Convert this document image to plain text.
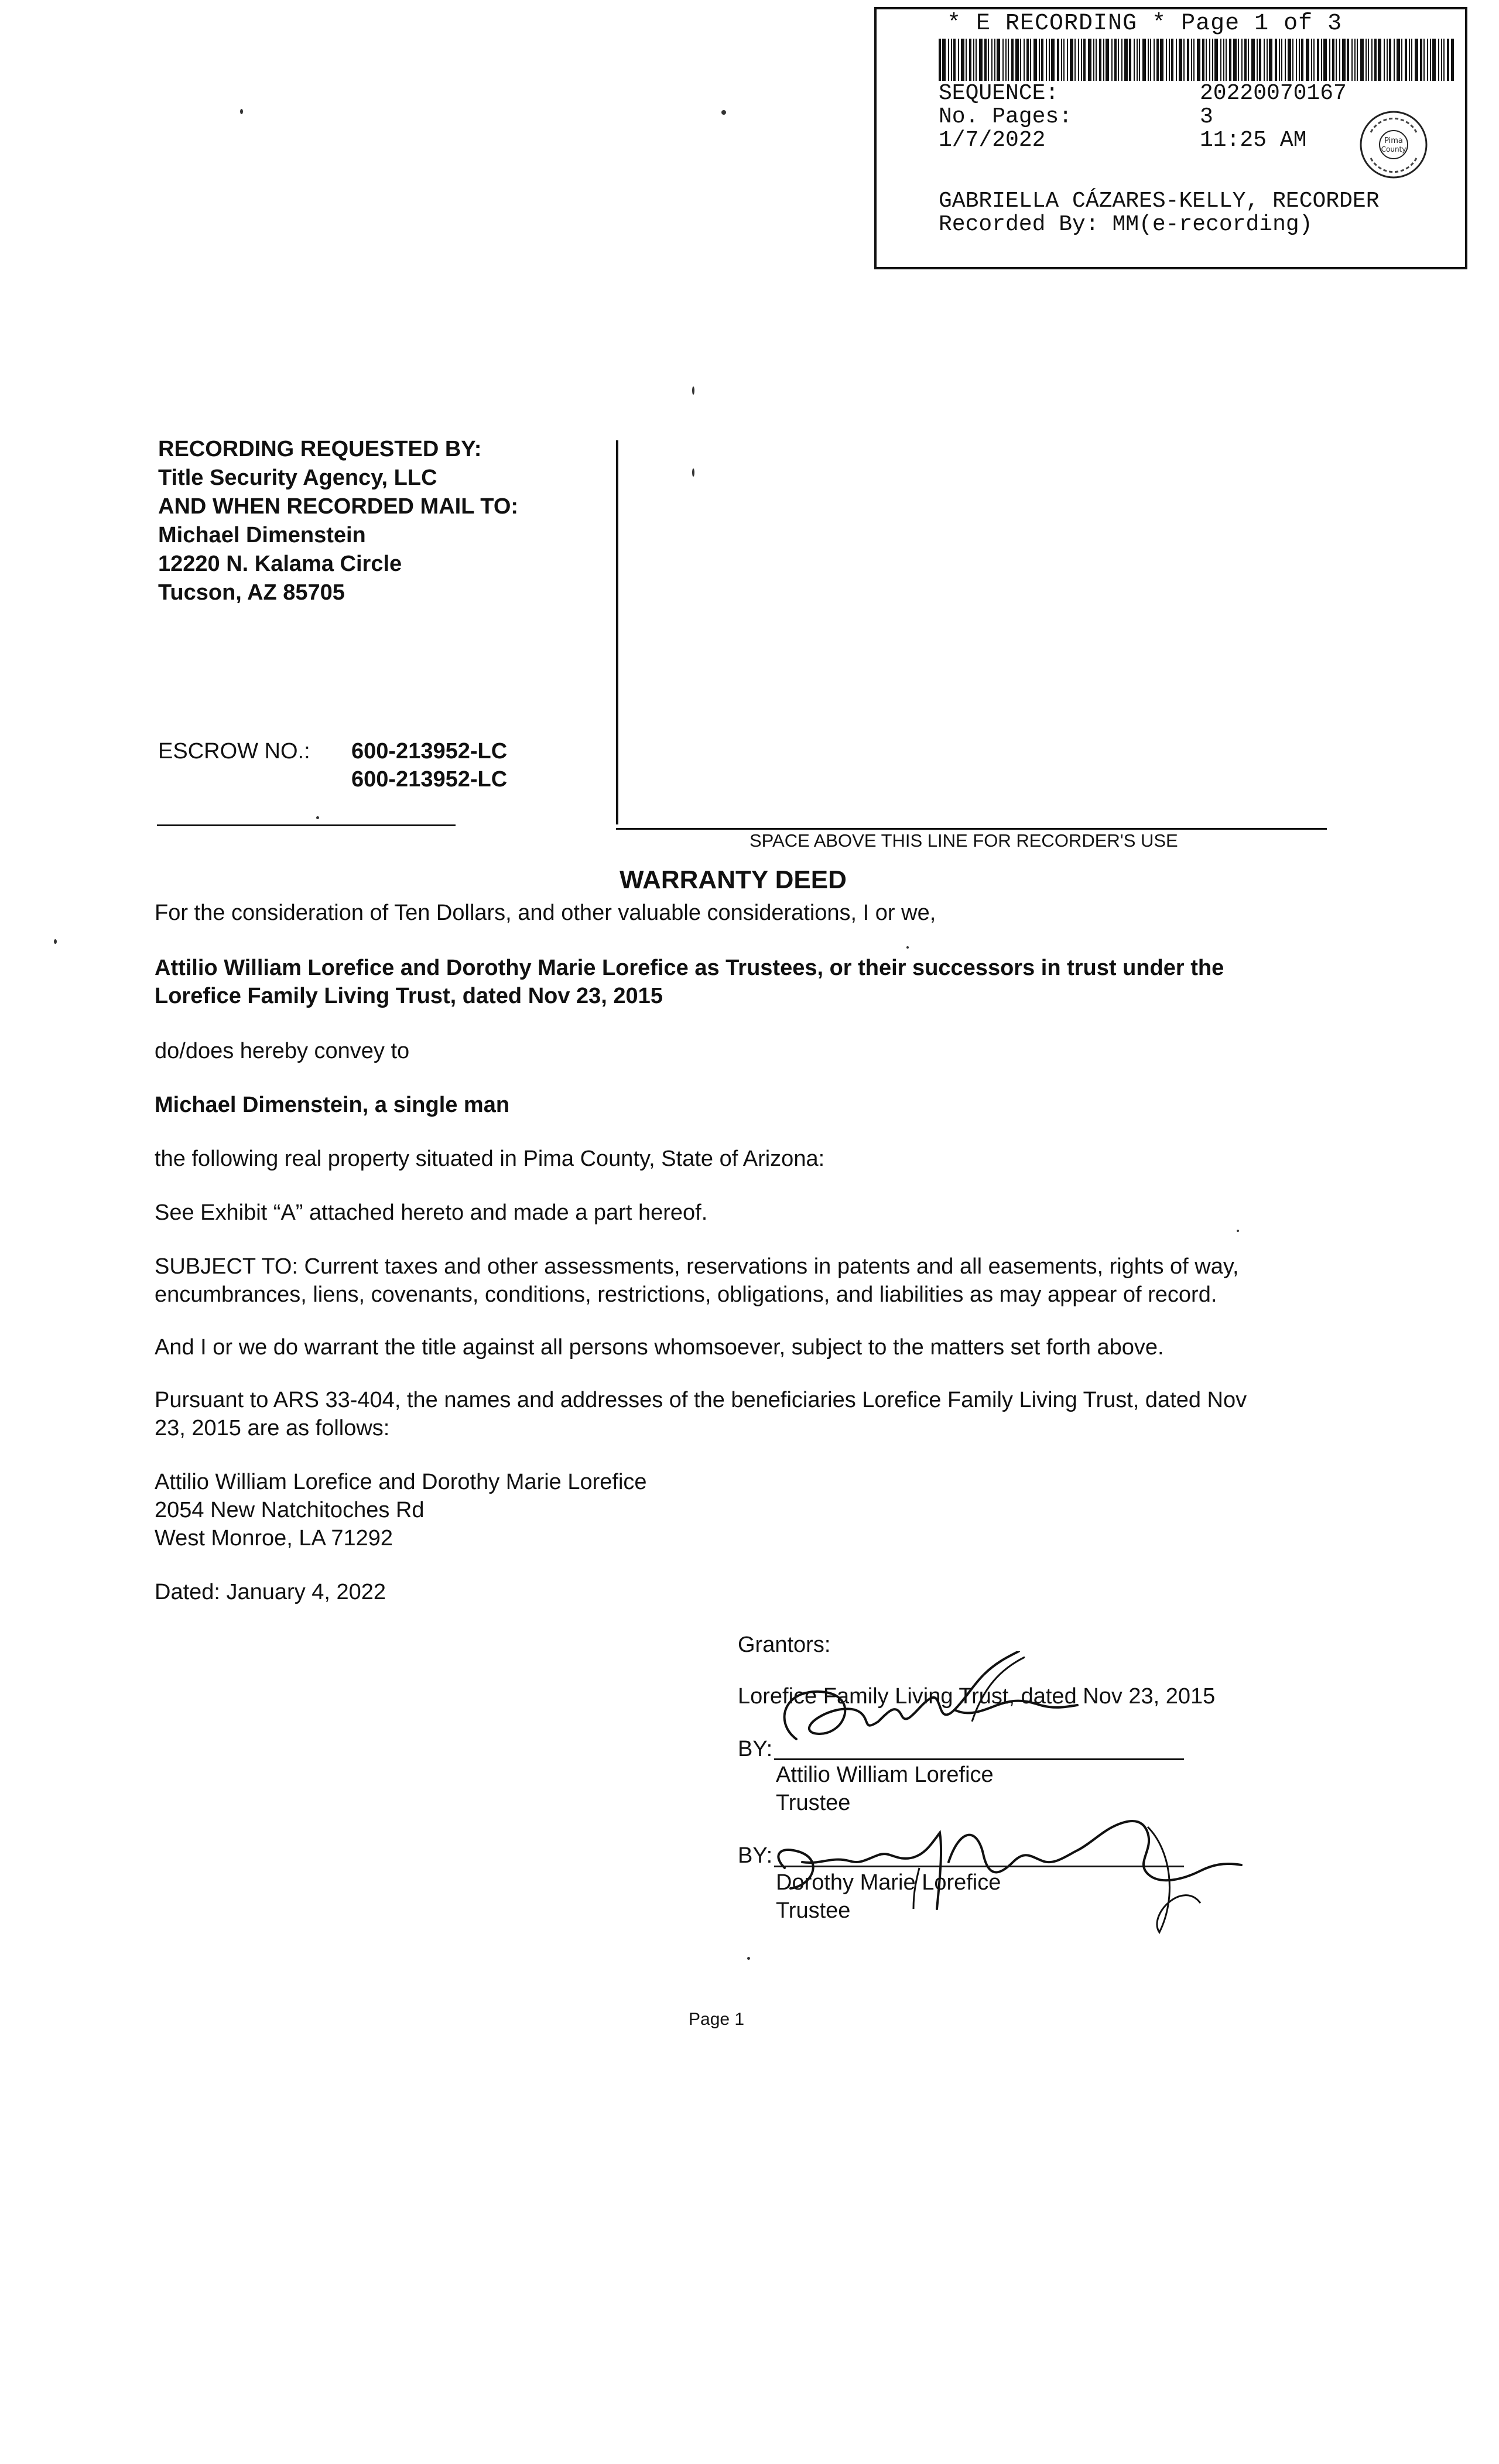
* E RECORDING * Page 1 of 3
SEQUENCE:	20220070167
No. Pages:	3
1/7/2022	11:25 AM	Pima
County
GABRIELLA CÁZARES-KELLY, RECORDER
Recorded By: MM(e-recording)
RECORDING REQUESTED BY:
Title Security Agency, LLC
AND WHEN RECORDED MAIL TO:
Michael Dimenstein
12220 N. Kalama Circle
Tucson, AZ 85705
ESCROW NO.: 600-213952-LC
600-213952-LC
SPACE ABOVE THIS LINE FOR RECORDER'S USE
WARRANTY DEED
For the consideration of Ten Dollars, and other valuable considerations, I or we,
Attilio William Lorefice and Dorothy Marie Lorefice as Trustees, or their successors in trust under the
Lorefice Family Living Trust, dated Nov 23, 2015
do/does hereby convey to
Michael Dimenstein, a single man
the following real property situated in Pima County, State of Arizona:
See Exhibit “A” attached hereto and made a part hereof.
SUBJECT TO: Current taxes and other assessments, reservations in patents and all easements, rights of way,
encumbrances, liens, covenants, conditions, restrictions, obligations, and liabilities as may appear of record.
And I or we do warrant the title against all persons whomsoever, subject to the matters set forth above.
Pursuant to ARS 33-404, the names and addresses of the beneficiaries Lorefice Family Living Trust, dated Nov
23, 2015 are as follows:
Attilio William Lorefice and Dorothy Marie Lorefice
2054 New Natchitoches Rd
West Monroe, LA 71292
Dated: January 4, 2022
Grantors:
Lorefice Family Living Trust, dated Nov 23, 2015
BY:
Attilio William Lorefice
Trustee
BY:
Dorothy Marie Lorefice
Trustee
Page 1
